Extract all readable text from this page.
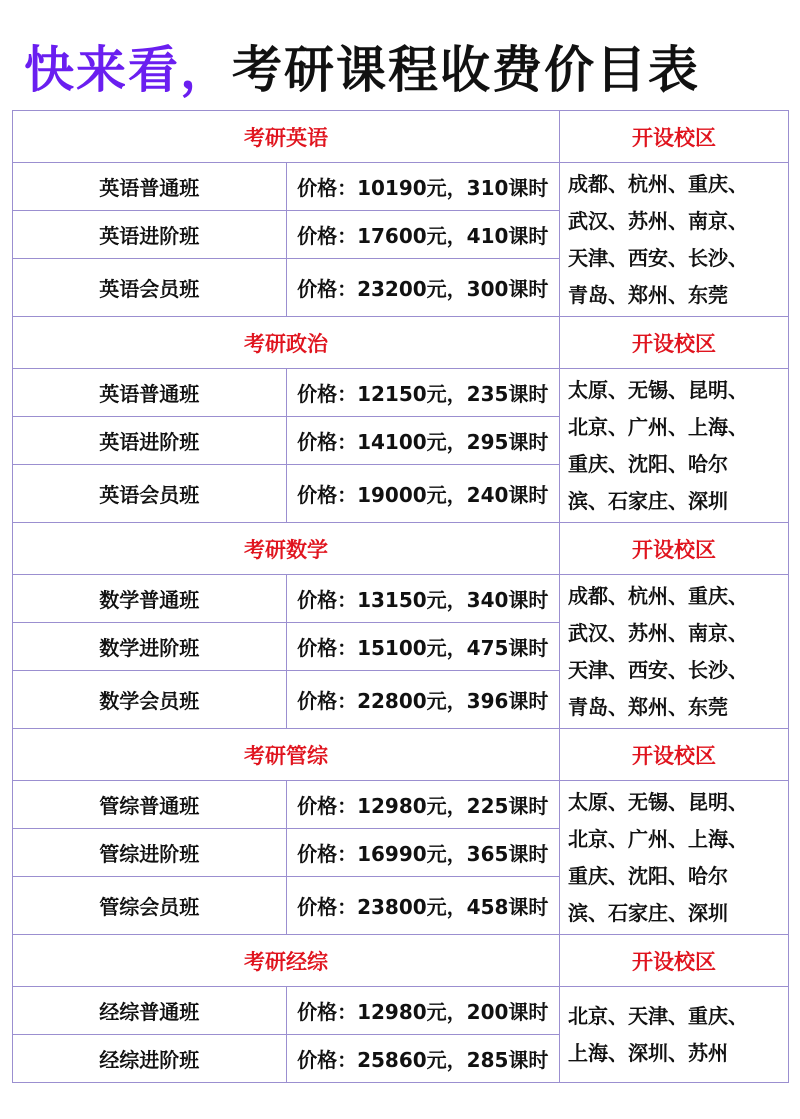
快来看，考研课程收费价目表
考研英语		开设校区
英语普通班	价格：10190元，310课时	成都、杭州、重庆、
武汉、苏州、南京、
天津、西安、长沙、
青岛、郑州、东莞

英语进阶班	价格：17600元，410课时	
英语会员班	价格：23200元，300课时	
考研政治		开设校区
英语普通班	价格：12150元，235课时	太原、无锡、昆明、
北京、广州、上海、
重庆、沈阳、哈尔
滨、石家庄、深圳

英语进阶班	价格：14100元，295课时	
英语会员班	价格：19000元，240课时	
考研数学		开设校区
数学普通班	价格：13150元，340课时	成都、杭州、重庆、
武汉、苏州、南京、
天津、西安、长沙、
青岛、郑州、东莞

数学进阶班	价格：15100元，475课时	
数学会员班	价格：22800元，396课时	
考研管综		开设校区
管综普通班	价格：12980元，225课时	太原、无锡、昆明、
北京、广州、上海、
重庆、沈阳、哈尔
滨、石家庄、深圳

管综进阶班	价格：16990元，365课时	
管综会员班	价格：23800元，458课时	
考研经综		开设校区
经综普通班	价格：12980元，200课时	北京、天津、重庆、
上海、深圳、苏州

经综进阶班	价格：25860元，285课时	
